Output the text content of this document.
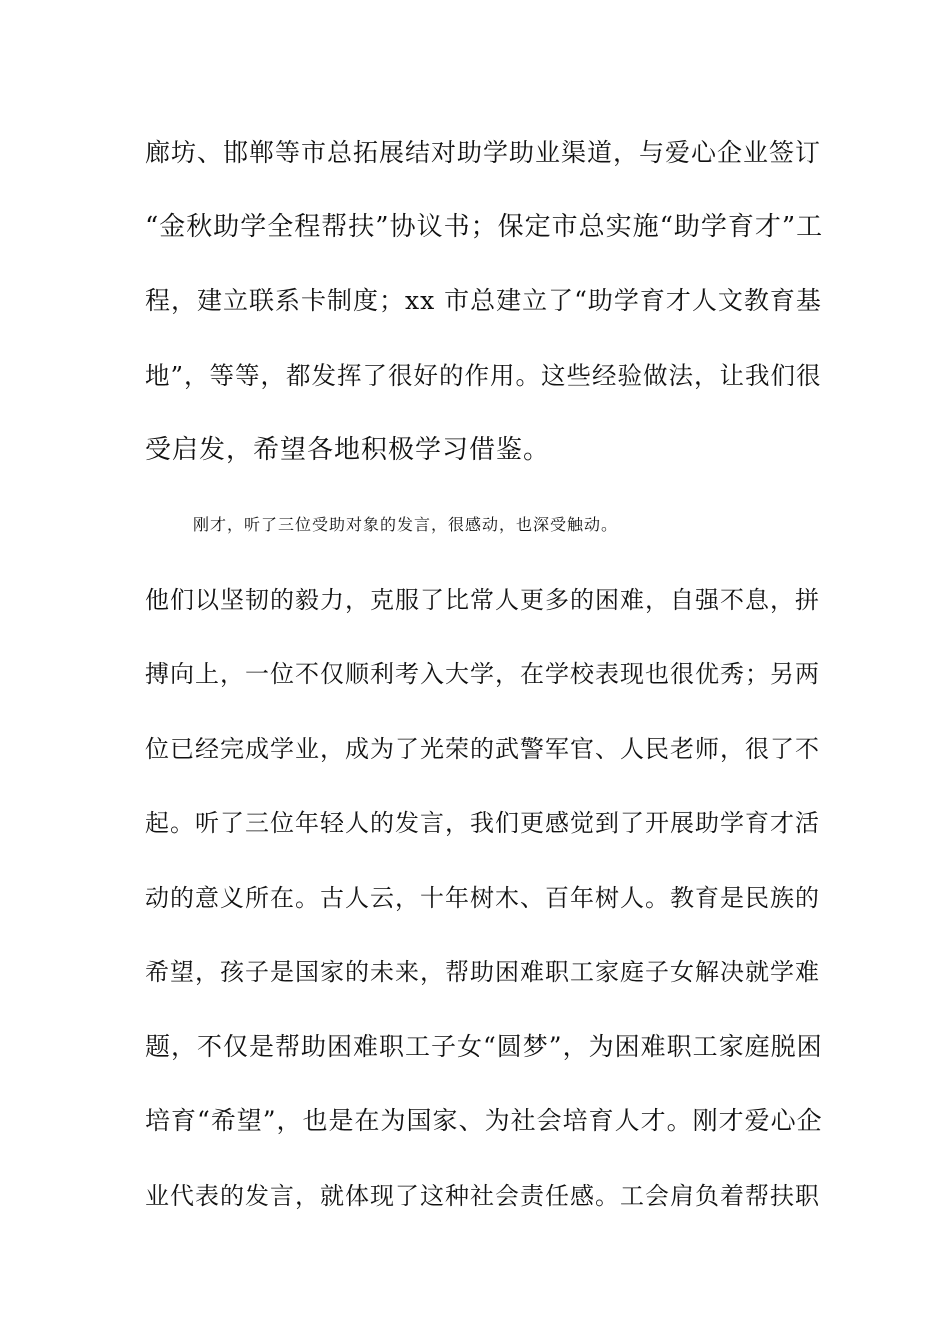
廊坊、邯郸等市总拓展结对助学助业渠道，与爱心企业签订
“金秋助学全程帮扶”协议书；保定市总实施“助学育才”工
程，建立联系卡制度；xx 市总建立了“助学育才人文教育基
地”，等等，都发挥了很好的作用。这些经验做法，让我们很
受启发，希望各地积极学习借鉴。
刚才，听了三位受助对象的发言，很感动，也深受触动。
他们以坚韧的毅力，克服了比常人更多的困难，自强不息，拼
搏向上，一位不仅顺利考入大学，在学校表现也很优秀；另两
位已经完成学业，成为了光荣的武警军官、人民老师，很了不
起。听了三位年轻人的发言，我们更感觉到了开展助学育才活
动的意义所在。古人云，十年树木、百年树人。教育是民族的
希望，孩子是国家的未来，帮助困难职工家庭子女解决就学难
题，不仅是帮助困难职工子女“圆梦”，为困难职工家庭脱困
培育“希望”，也是在为国家、为社会培育人才。刚才爱心企
业代表的发言，就体现了这种社会责任感。工会肩负着帮扶职
